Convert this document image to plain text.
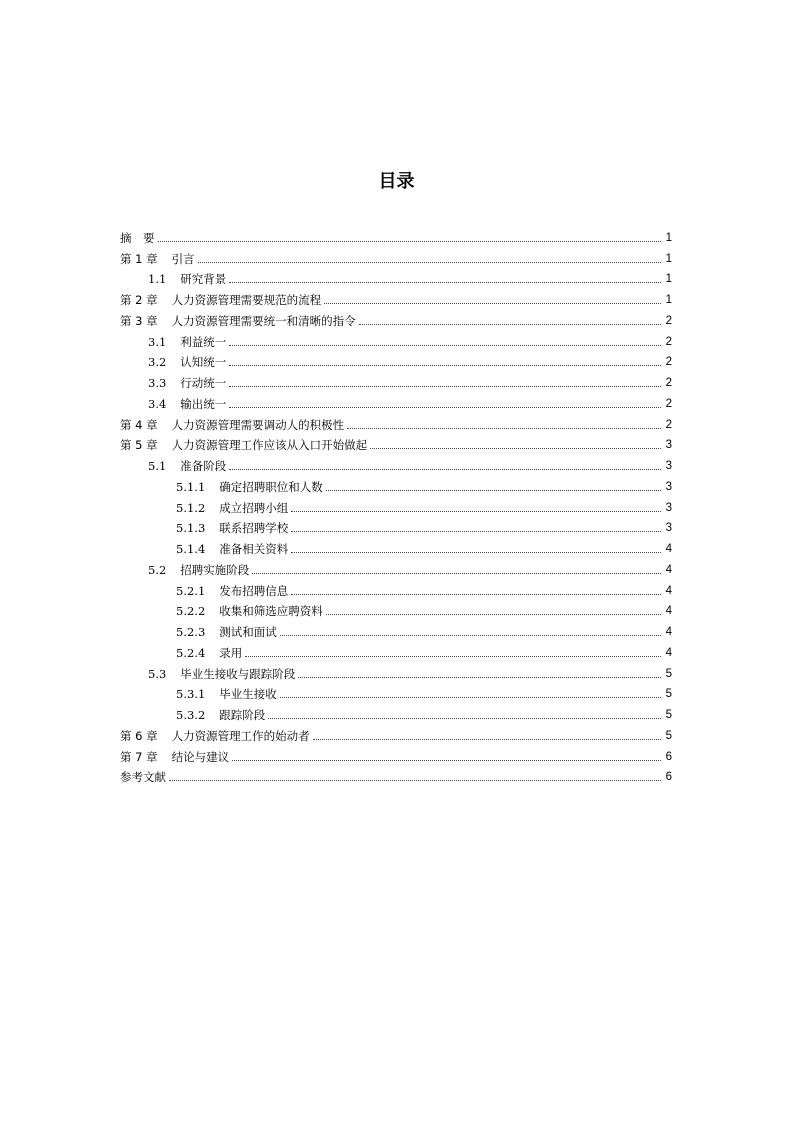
目录
摘　要	1
第 1 章 引言	1
1.1 研究背景	1
第 2 章 人力资源管理需要规范的流程	1
第 3 章 人力资源管理需要统一和清晰的指令	2
3.1 利益统一	2
3.2 认知统一	2
3.3 行动统一	2
3.4 输出统一	2
第 4 章 人力资源管理需要调动人的积极性	2
第 5 章 人力资源管理工作应该从入口开始做起	3
5.1 准备阶段	3
5.1.1 确定招聘职位和人数	3
5.1.2 成立招聘小组	3
5.1.3 联系招聘学校	3
5.1.4 准备相关资料	4
5.2 招聘实施阶段	4
5.2.1 发布招聘信息	4
5.2.2 收集和筛选应聘资料	4
5.2.3 测试和面试	4
5.2.4 录用	4
5.3 毕业生接收与跟踪阶段	5
5.3.1 毕业生接收	5
5.3.2 跟踪阶段	5
第 6 章 人力资源管理工作的始动者	5
第 7 章 结论与建议	6
参考文献	6
